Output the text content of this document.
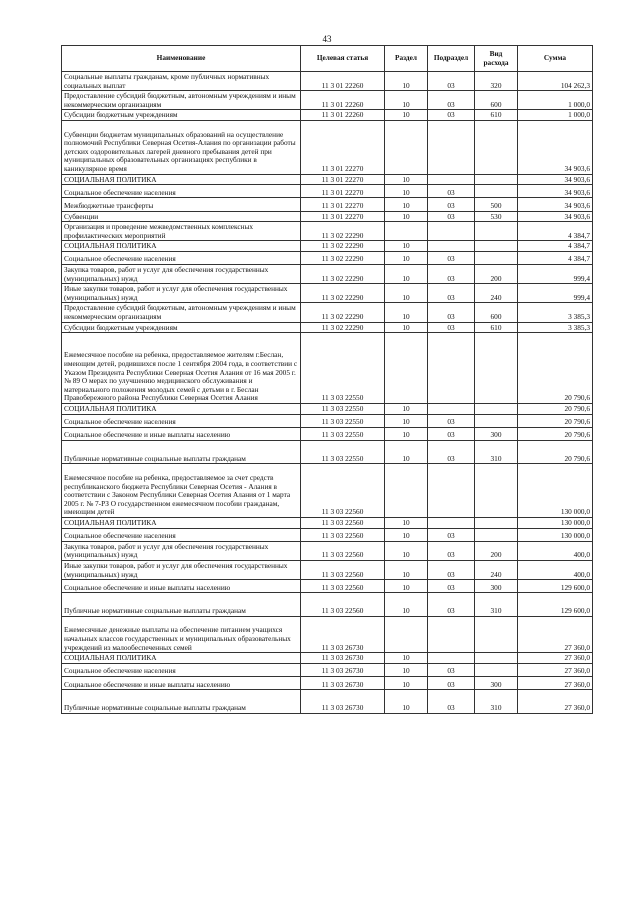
43
Наименование	Целевая статья	Раздел	Подраздел	Вид расхода	Сумма
Социальные выплаты гражданам, кроме публичных нормативных социальных выплат	11 3 01 22260	10	03	320	104 262,3
Предоставление субсидий бюджетным, автономным учреждениям и иным некоммерческим организациям	11 3 01 22260	10	03	600	1 000,0
Субсидии бюджетным учреждениям	11 3 01 22260	10	03	610	1 000,0
Субвенции бюджетам муниципальных образований на осуществление полномочий Республики Северная Осетия-Алания по организации работы детских оздоровительных лагерей дневного пребывания детей при муниципальных образовательных организациях республики в каникулярное время	11 3 01 22270				34 903,6
СОЦИАЛЬНАЯ ПОЛИТИКА	11 3 01 22270	10			34 903,6
Социальное обеспечение населения	11 3 01 22270	10	03		34 903,6
Межбюджетные трансферты	11 3 01 22270	10	03	500	34 903,6
Субвенции	11 3 01 22270	10	03	530	34 903,6
Организация и проведение межведомственных комплексных профилактических мероприятий	11 3 02 22290				4 384,7
СОЦИАЛЬНАЯ ПОЛИТИКА	11 3 02 22290	10			4 384,7
Социальное обеспечение населения	11 3 02 22290	10	03		4 384,7
Закупка товаров, работ и услуг для обеспечения государственных (муниципальных) нужд	11 3 02 22290	10	03	200	999,4
Иные закупки товаров, работ и услуг для обеспечения государственных (муниципальных) нужд	11 3 02 22290	10	03	240	999,4
Предоставление субсидий бюджетным, автономным учреждениям и иным некоммерческим организациям	11 3 02 22290	10	03	600	3 385,3
Субсидии бюджетным учреждениям	11 3 02 22290	10	03	610	3 385,3
Ежемесячное пособие на ребенка, предоставляемое жителям г.Беслан, имеющим детей, родившихся после 1 сентября 2004 года, в соответствии с Указом Президента Республики Северная Осетия Алания от 16 мая 2005 г. № 89 О мерах по улучшению медицинского обслуживания и материального положения молодых семей с детьми в г. Беслан Правобережного района Республики Северная Осетия Алания	11 3 03 22550				20 790,6
СОЦИАЛЬНАЯ ПОЛИТИКА	11 3 03 22550	10			20 790,6
Социальное обеспечение населения	11 3 03 22550	10	03		20 790,6
Социальное обеспечение и иные выплаты населению	11 3 03 22550	10	03	300	20 790,6
Публичные нормативные социальные выплаты гражданам	11 3 03 22550	10	03	310	20 790,6
Ежемесячное пособие на ребенка, предоставляемое за счет средств республиканского бюджета Республики Северная Осетия - Алания в соответствии с Законом Республики Северная Осетия Алания от 1 марта 2005 г. № 7-РЗ О государственном ежемесячном пособии гражданам, имеющим детей	11 3 03 22560				130 000,0
СОЦИАЛЬНАЯ ПОЛИТИКА	11 3 03 22560	10			130 000,0
Социальное обеспечение населения	11 3 03 22560	10	03		130 000,0
Закупка товаров, работ и услуг для обеспечения государственных (муниципальных) нужд	11 3 03 22560	10	03	200	400,0
Иные закупки товаров, работ и услуг для обеспечения государственных (муниципальных) нужд	11 3 03 22560	10	03	240	400,0
Социальное обеспечение и иные выплаты населению	11 3 03 22560	10	03	300	129 600,0
Публичные нормативные социальные выплаты гражданам	11 3 03 22560	10	03	310	129 600,0
Ежемесячные денежные выплаты на обеспечение питанием учащихся начальных классов государственных и муниципальных образовательных учреждений из малообеспеченных семей	11 3 03 26730				27 360,0
СОЦИАЛЬНАЯ ПОЛИТИКА	11 3 03 26730	10			27 360,0
Социальное обеспечение населения	11 3 03 26730	10	03		27 360,0
Социальное обеспечение и иные выплаты населению	11 3 03 26730	10	03	300	27 360,0
Публичные нормативные социальные выплаты гражданам	11 3 03 26730	10	03	310	27 360,0
